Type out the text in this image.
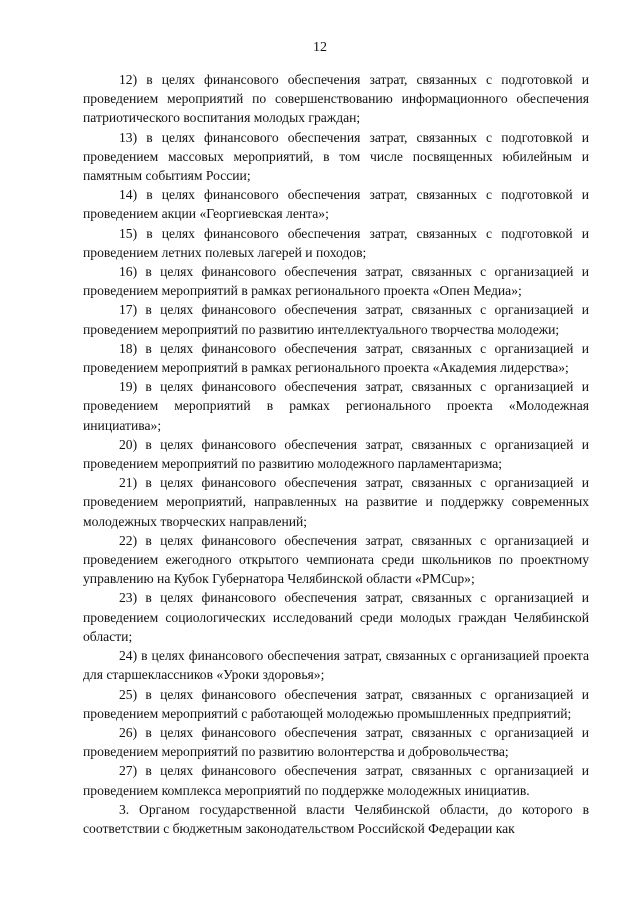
12

12) в целях финансового обеспечения затрат, связанных с подготовкой и проведением мероприятий по совершенствованию информационного обеспечения патриотического воспитания молодых граждан;

13) в целях финансового обеспечения затрат, связанных с подготовкой и проведением массовых мероприятий, в том числе посвященных юбилейным и памятным событиям России;

14) в целях финансового обеспечения затрат, связанных с подготовкой и проведением акции «Георгиевская лента»;

15) в целях финансового обеспечения затрат, связанных с подготовкой и проведением летних полевых лагерей и походов;

16) в целях финансового обеспечения затрат, связанных с организацией и проведением мероприятий в рамках регионального проекта «Опен Медиа»;

17) в целях финансового обеспечения затрат, связанных с организацией и проведением мероприятий по развитию интеллектуального творчества молодежи;

18) в целях финансового обеспечения затрат, связанных с организацией и проведением мероприятий в рамках регионального проекта «Академия лидерства»;

19) в целях финансового обеспечения затрат, связанных с организацией и проведением мероприятий в рамках регионального проекта «Молодежная инициатива»;

20) в целях финансового обеспечения затрат, связанных с организацией и проведением мероприятий по развитию молодежного парламентаризма;

21) в целях финансового обеспечения затрат, связанных с организацией и проведением мероприятий, направленных на развитие и поддержку современных молодежных творческих направлений;

22) в целях финансового обеспечения затрат, связанных с организацией и проведением ежегодного открытого чемпионата среди школьников по проектному управлению на Кубок Губернатора Челябинской области «PMCup»;

23) в целях финансового обеспечения затрат, связанных с организацией и проведением социологических исследований среди молодых граждан Челябинской области;

24) в целях финансового обеспечения затрат, связанных с организацией проекта для старшеклассников «Уроки здоровья»;

25) в целях финансового обеспечения затрат, связанных с организацией и проведением мероприятий с работающей молодежью промышленных предприятий;

26) в целях финансового обеспечения затрат, связанных с организацией и проведением мероприятий по развитию волонтерства и добровольчества;

27) в целях финансового обеспечения затрат, связанных с организацией и проведением комплекса мероприятий по поддержке молодежных инициатив.

3. Органом государственной власти Челябинской области, до которого в соответствии с бюджетным законодательством Российской Федерации как
